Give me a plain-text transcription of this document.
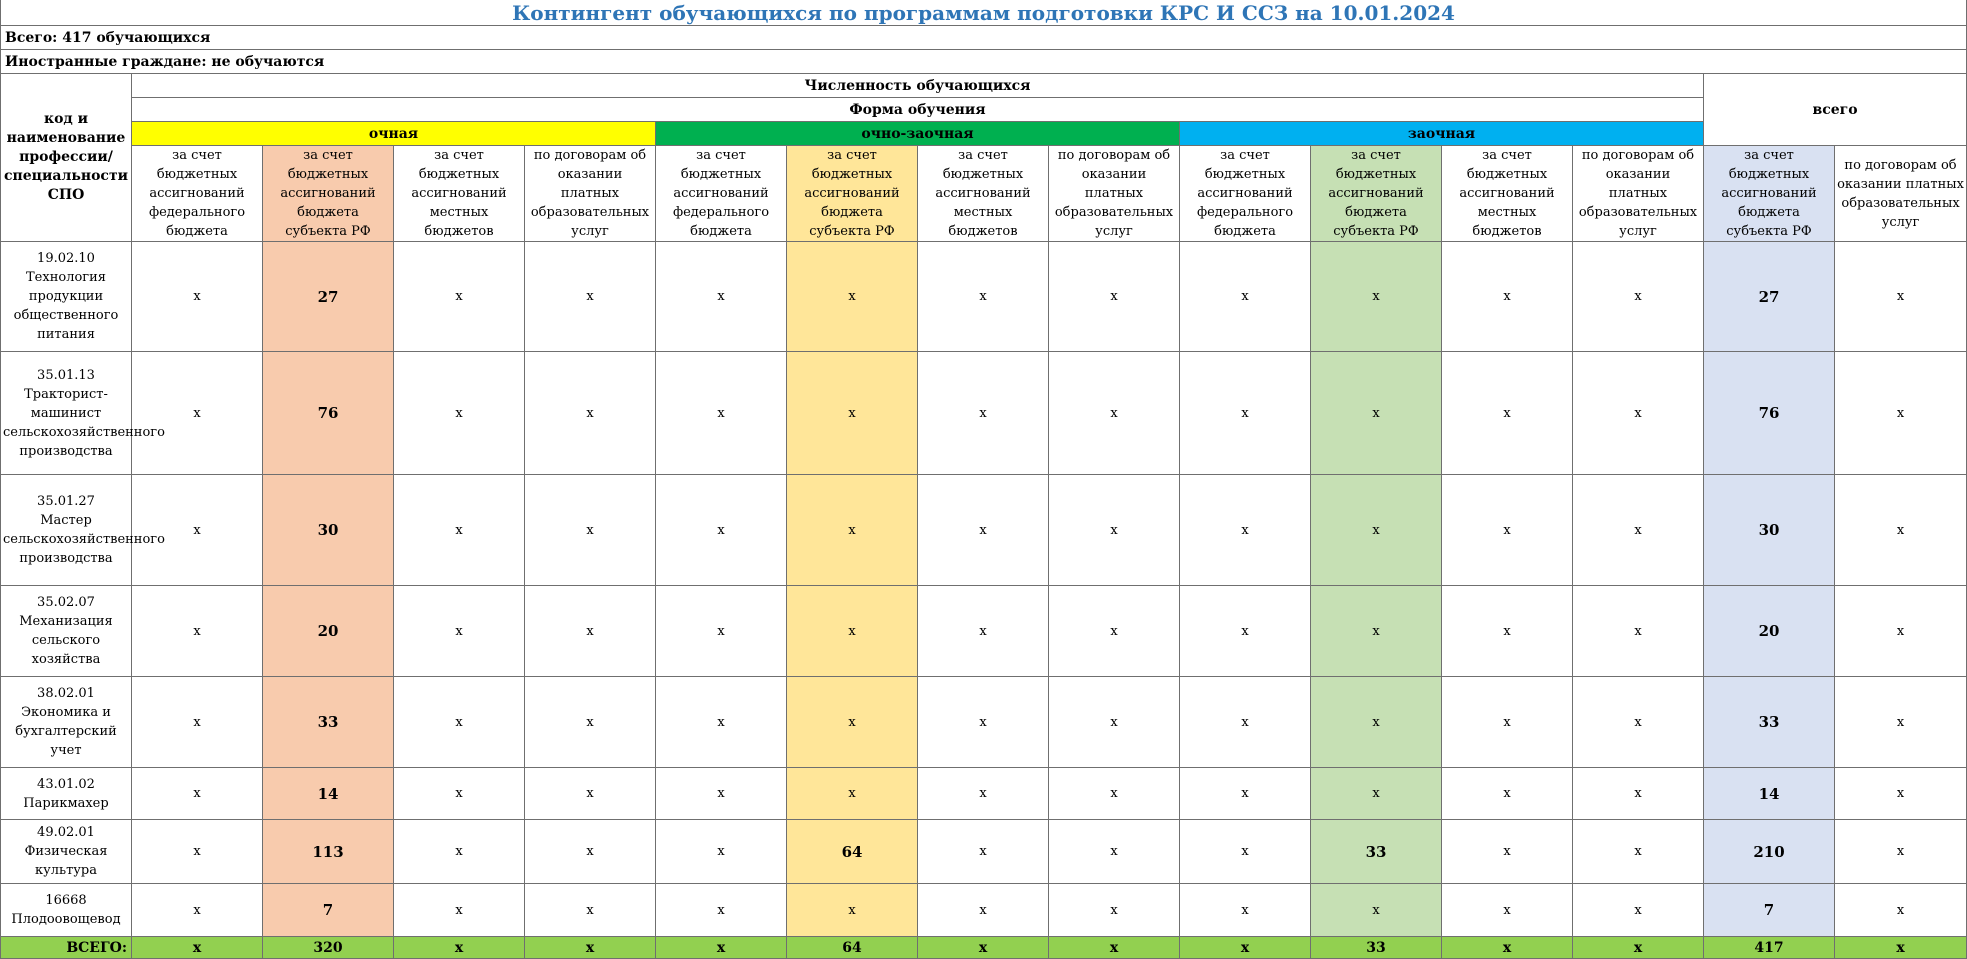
Контингент обучающихся по программам подготовки КРС И ССЗ на 10.01.2024														
Всего: 417 обучающихся														
Иностранные граждане: не обучаются														
код и наименование профессии/специальности СПО	Численность обучающихся												всего	
	Форма обучения													
	очная				очно-заочная				заочная					
	за счет бюджетных ассигнований федерального бюджета	за счет бюджетных ассигнований бюджета субъекта РФ	за счет бюджетных ассигнований местных бюджетов	по договорам об оказании платных образовательных услуг	за счет бюджетных ассигнований федерального бюджета	за счет бюджетных ассигнований бюджета субъекта РФ	за счет бюджетных ассигнований местных бюджетов	по договорам об оказании платных образовательных услуг	за счет бюджетных ассигнований федерального бюджета	за счет бюджетных ассигнований бюджета субъекта РФ	за счет бюджетных ассигнований местных бюджетов	по договорам об оказании платных образовательных услуг	за счет бюджетных ассигнований бюджета субъекта РФ	по договорам об оказании платных образовательных услуг

19.02.10
Технология продукции общественного питания	x	27	x	x	x	x	x	x	x	x	x	x	27	x

35.01.13
Тракторист-машинист сельскохозяйственного производства	x	76	x	x	x	x	x	x	x	x	x	x	76	x

35.01.27
Мастер сельскохозяйственного производства	x	30	x	x	x	x	x	x	x	x	x	x	30	x

35.02.07
Механизация сельского хозяйства	x	20	x	x	x	x	x	x	x	x	x	x	20	x

38.02.01
Экономика и бухгалтерский учет	x	33	x	x	x	x	x	x	x	x	x	x	33	x

43.01.02
Парикмахер	x	14	x	x	x	x	x	x	x	x	x	x	14	x

49.02.01
Физическая культура	x	113	x	x	x	64	x	x	x	33	x	x	210	x

16668
Плодоовощевод	x	7	x	x	x	x	x	x	x	x	x	x	7	x
ВСЕГО:	x	320	x	x	x	64	x	x	x	33	x	x	417	x
